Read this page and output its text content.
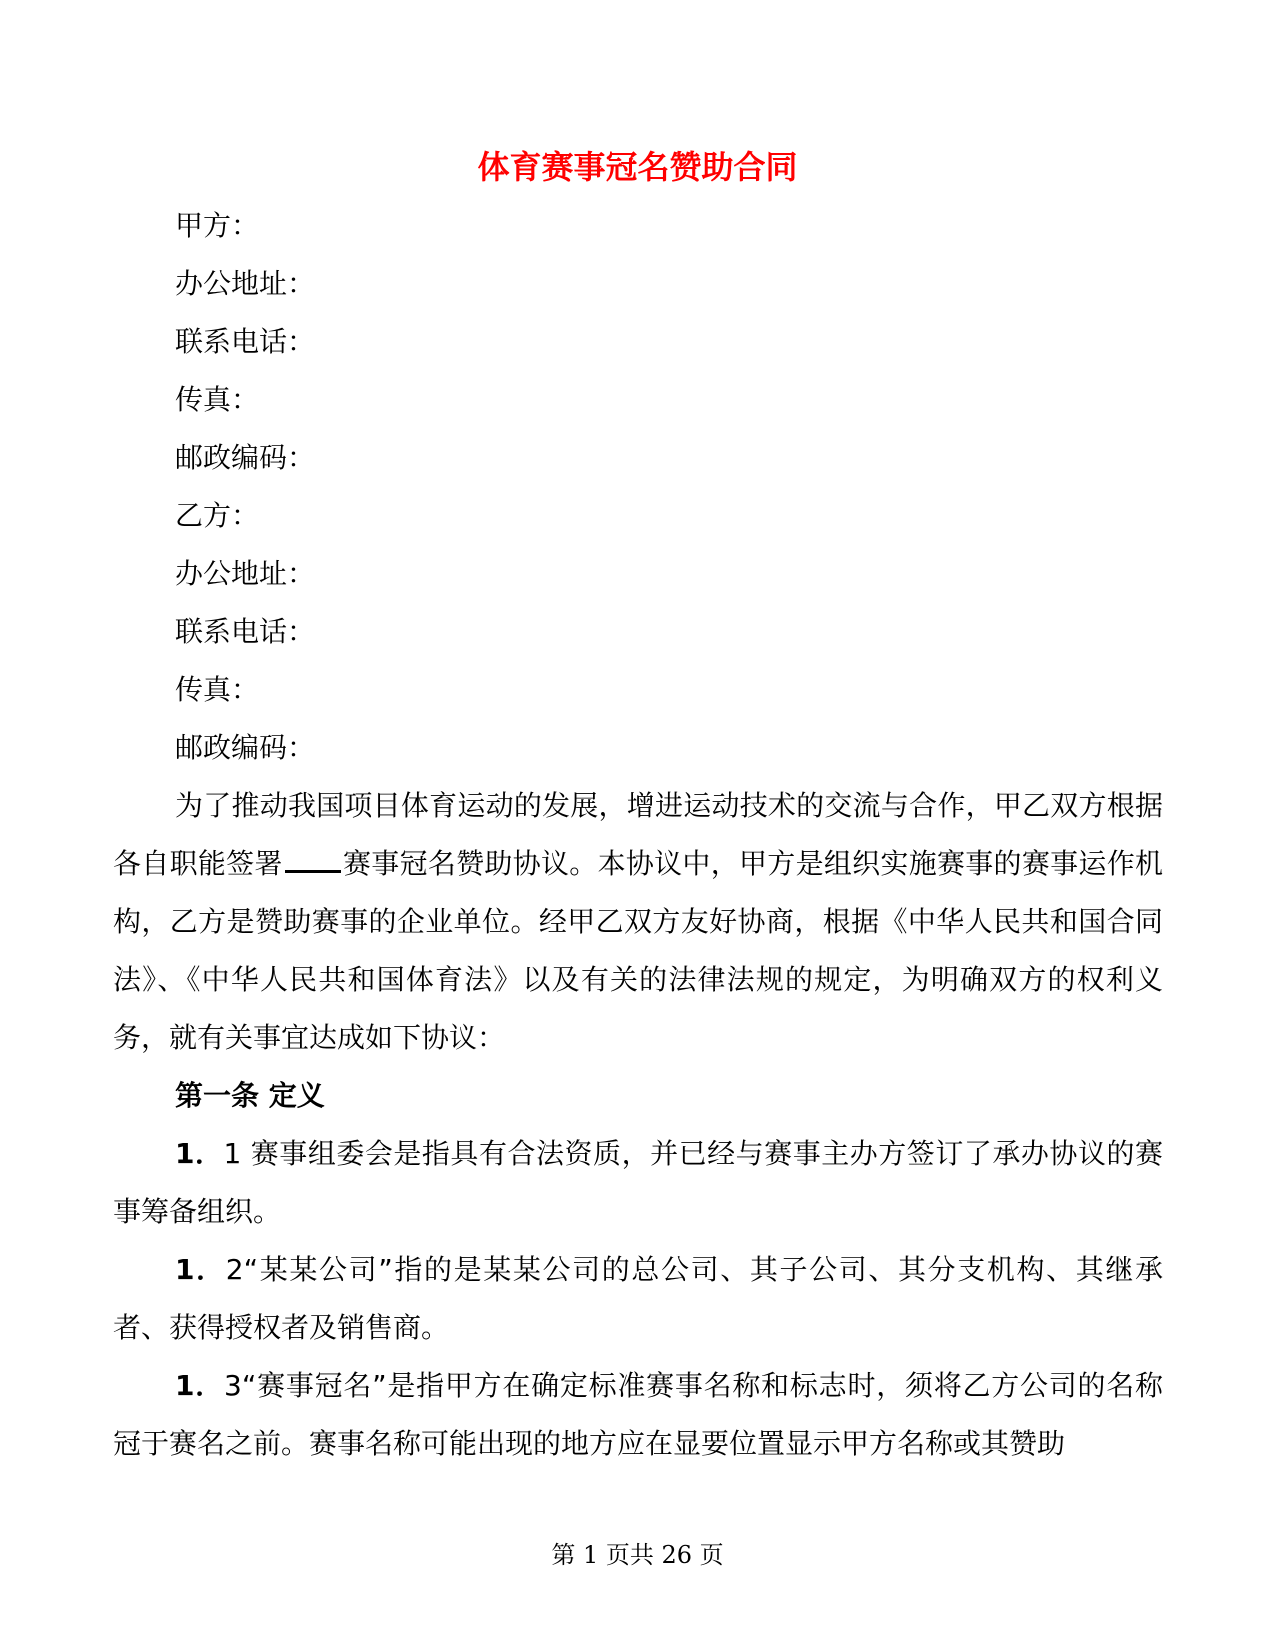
体育赛事冠名赞助合同
甲方：
办公地址：
联系电话：
传真：
邮政编码：
乙方：
办公地址：
联系电话：
传真：
邮政编码：

为了推动我国项目体育运动的发展，增进运动技术的交流与合作，甲乙双方根据各自职能签署 赛事冠名赞助协议。本协议中，甲方是组织实施赛事的赛事运作机构，乙方是赞助赛事的企业单位。经甲乙双方友好协商，根据《中华人民共和国合同法》、《中华人民共和国体育法》以及有关的法律法规的规定，为明确双方的权利义务，就有关事宜达成如下协议：

第一条 定义

1．1 赛事组委会是指具有合法资质，并已经与赛事主办方签订了承办协议的赛事筹备组织。

1．2“某某公司”指的是某某公司的总公司、其子公司、其分支机构、其继承者、获得授权者及销售商。

1．3“赛事冠名”是指甲方在确定标准赛事名称和标志时，须将乙方公司的名称冠于赛名之前。赛事名称可能出现的地方应在显要位置显示甲方名称或其赞助

第 1 页共 26 页
